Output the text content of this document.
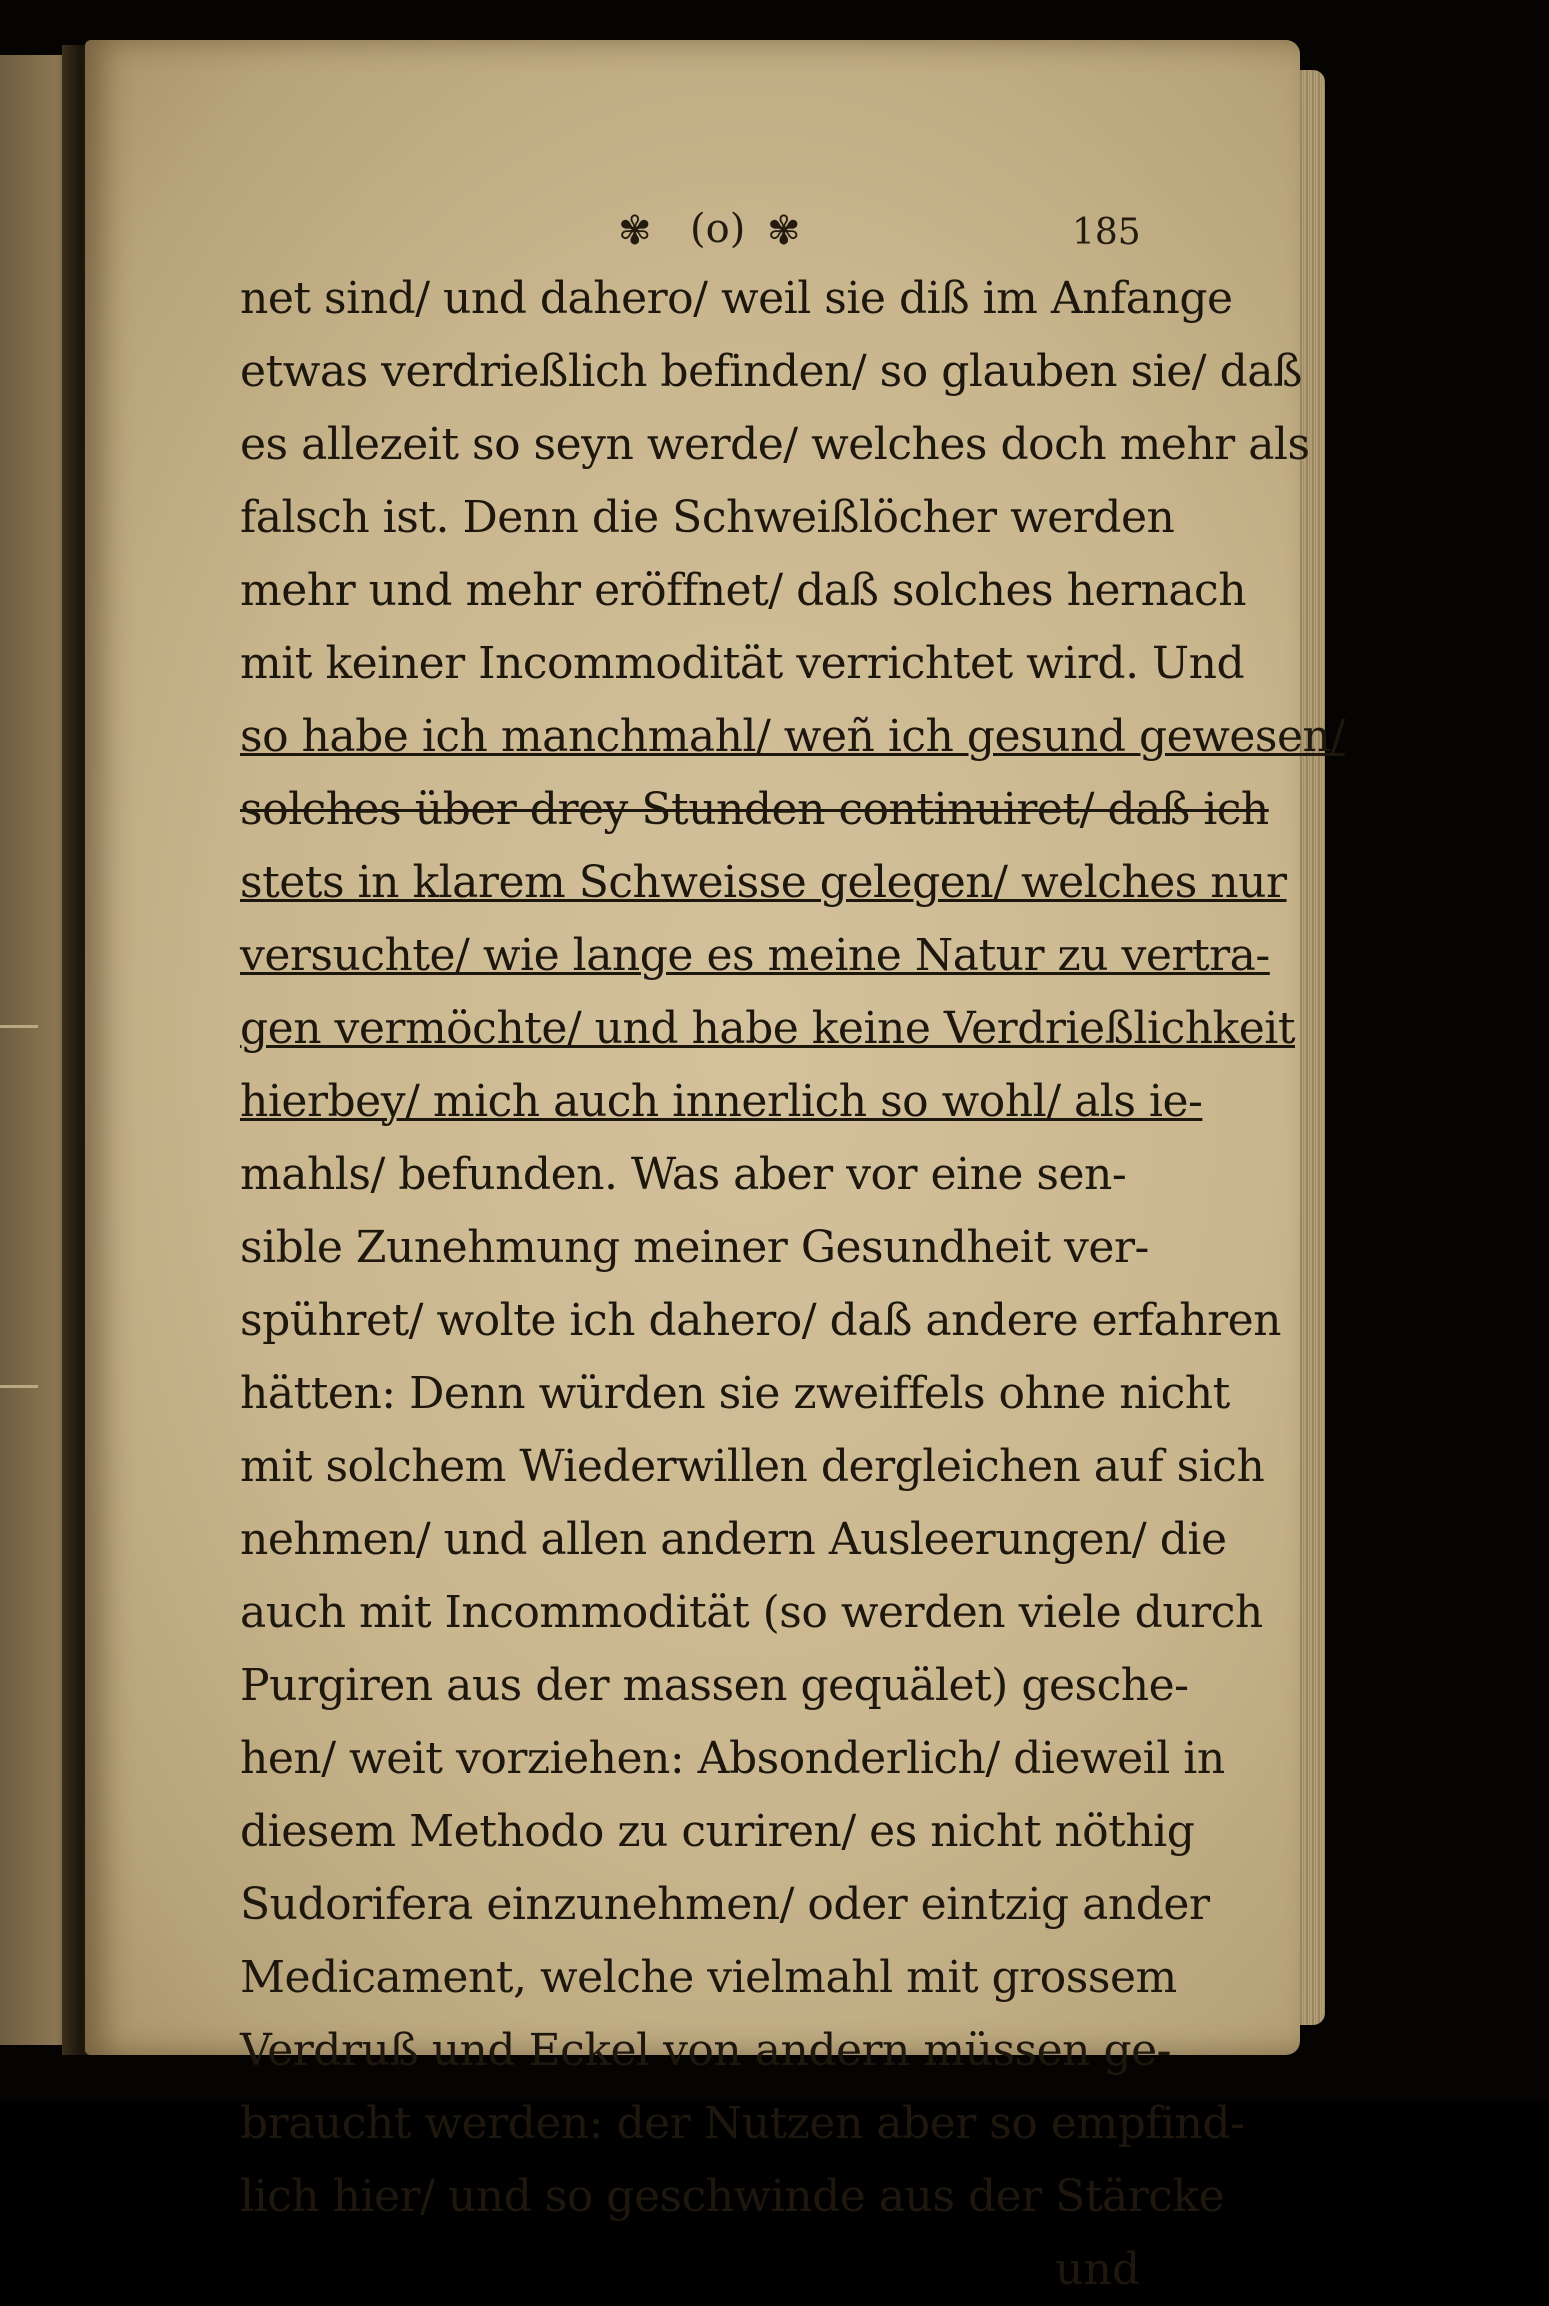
✾ (o) ✾	185
net sind/ und dahero/ weil sie diß im Anfange
etwas verdrießlich befinden/ so glauben sie/ daß
es allezeit so seyn werde/ welches doch mehr als
falsch ist. Denn die Schweißlöcher werden
mehr und mehr eröffnet/ daß solches hernach
mit keiner Incommodität verrichtet wird. Und
so habe ich manchmahl/ weñ ich gesund gewesen/
solches über drey Stunden continuiret/ daß ich
stets in klarem Schweisse gelegen/ welches nur
versuchte/ wie lange es meine Natur zu vertra-
gen vermöchte/ und habe keine Verdrießlichkeit
hierbey/ mich auch innerlich so wohl/ als ie-
mahls/ befunden. Was aber vor eine sen-
sible Zunehmung meiner Gesundheit ver-
spühret/ wolte ich dahero/ daß andere erfahren
hätten: Denn würden sie zweiffels ohne nicht
mit solchem Wiederwillen dergleichen auf sich
nehmen/ und allen andern Ausleerungen/ die
auch mit Incommodität (so werden viele durch
Purgiren aus der massen gequälet) gesche-
hen/ weit vorziehen: Absonderlich/ dieweil in
diesem Methodo zu curiren/ es nicht nöthig
Sudorifera einzunehmen/ oder eintzig ander
Medicament, welche vielmahl mit grossem
Verdruß und Eckel von andern müssen ge-
braucht werden: der Nutzen aber so empfind-
lich hier/ und so geschwinde aus der Stärcke
und
